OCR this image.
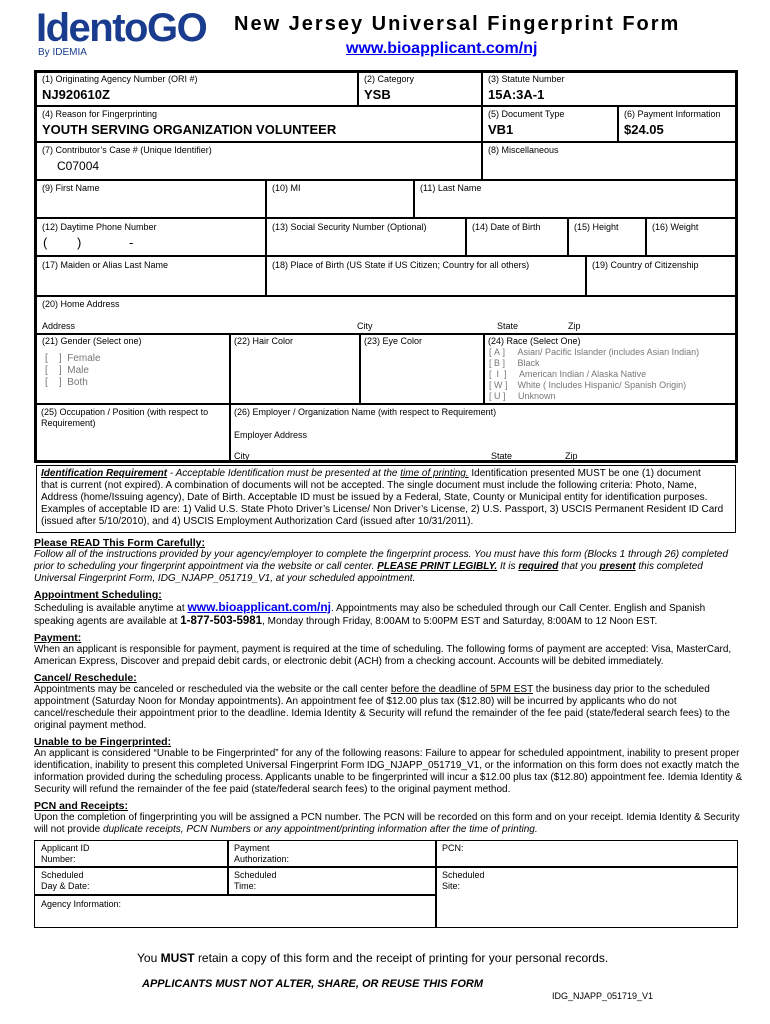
IdentoGO
By IDEMIA
New Jersey Universal Fingerprint Form
www.bioapplicant.com/nj
(1) Originating Agency Number (ORI #)
NJ920610Z
(2) Category
YSB
(3) Statute Number
15A:3A-1
(4) Reason for Fingerprinting
YOUTH SERVING ORGANIZATION VOLUNTEER
(5) Document Type
VB1
(6) Payment Information
$24.05
(7) Contributor’s Case # (Unique Identifier)
C07004
(8) Miscellaneous
(9) First Name	(10) MI	(11) Last Name
(12) Daytime Phone Number
( )	-
(13) Social Security Number (Optional)	(14) Date of Birth	(15) Height	(16) Weight
(17) Maiden or Alias Last Name	(18) Place of Birth (US State if US Citizen; Country for all others)	(19) Country of Citizenship
(20) Home Address
Address	City	State	Zip
(21) Gender (Select one)
[    ]  Female
[    ]  Male
[    ]  Both
(22) Hair Color	(23) Eye Color	(24) Race (Select One)
[ A ]     Asian/ Pacific Islander (includes Asian Indian)
[ B ]     Black
[  I  ]     American Indian / Alaska Native
[ W ]    White ( Includes Hispanic/ Spanish Origin)
[ U ]     Unknown
(25) Occupation / Position (with respect to
Requirement)
(26) Employer / Organization Name (with respect to Requirement)
Employer Address
City	State	Zip
Identification Requirement - Acceptable Identification must be presented at the time of printing. Identification presented MUST be one (1) document
that is current (not expired). A combination of documents will not be accepted. The single document must include the following criteria: Photo, Name,
Address (home/Issuing agency), Date of Birth. Acceptable ID must be issued by a Federal, State, County or Municipal entity for identification purposes.
Examples of acceptable ID are: 1) Valid U.S. State Photo Driver’s License/ Non Driver’s License, 2) U.S. Passport, 3) USCIS Permanent Resident ID Card
(issued after 5/10/2010), and 4) USCIS Employment Authorization Card (issued after 10/31/2011).
Please READ This Form Carefully:
Follow all of the instructions provided by your agency/employer to complete the fingerprint process. You must have this form (Blocks 1 through 26) completed
prior to scheduling your fingerprint appointment via the website or call center. PLEASE PRINT LEGIBLY. It is required that you present this completed
Universal Fingerprint Form, IDG_NJAPP_051719_V1, at your scheduled appointment.
Appointment Scheduling:
Scheduling is available anytime at www.bioapplicant.com/nj. Appointments may also be scheduled through our Call Center. English and Spanish
speaking agents are available at 1-877-503-5981, Monday through Friday, 8:00AM to 5:00PM EST and Saturday, 8:00AM to 12 Noon EST.
Payment:
When an applicant is responsible for payment, payment is required at the time of scheduling. The following forms of payment are accepted: Visa, MasterCard,
American Express, Discover and prepaid debit cards, or electronic debit (ACH) from a checking account. Accounts will be debited immediately.
Cancel/ Reschedule:
Appointments may be canceled or rescheduled via the website or the call center before the deadline of 5PM EST the business day prior to the scheduled
appointment (Saturday Noon for Monday appointments). An appointment fee of $12.00 plus tax ($12.80) will be incurred by applicants who do not
cancel/reschedule their appointment prior to the deadline. Idemia Identity & Security will refund the remainder of the fee paid (state/federal search fees) to the
original payment method.
Unable to be Fingerprinted:
An applicant is considered “Unable to be Fingerprinted” for any of the following reasons: Failure to appear for scheduled appointment, inability to present proper
identification, inability to present this completed Universal Fingerprint Form IDG_NJAPP_051719_V1, or the information on this form does not exactly match the
information provided during the scheduling process. Applicants unable to be fingerprinted will incur a $12.00 plus tax ($12.80) appointment fee. Idemia Identity &
Security will refund the remainder of the fee paid (state/federal search fees) to the original payment method.
PCN and Receipts:
Upon the completion of fingerprinting you will be assigned a PCN number. The PCN will be recorded on this form and on your receipt. Idemia Identity & Security
will not provide duplicate receipts, PCN Numbers or any appointment/printing information after the time of printing.
Applicant ID
Number:
Payment
Authorization:
PCN:
Scheduled
Day & Date:
Scheduled
Time:
Scheduled
Site:
Agency Information:
You MUST retain a copy of this form and the receipt of printing for your personal records.
APPLICANTS MUST NOT ALTER, SHARE, OR REUSE THIS FORM
IDG_NJAPP_051719_V1
